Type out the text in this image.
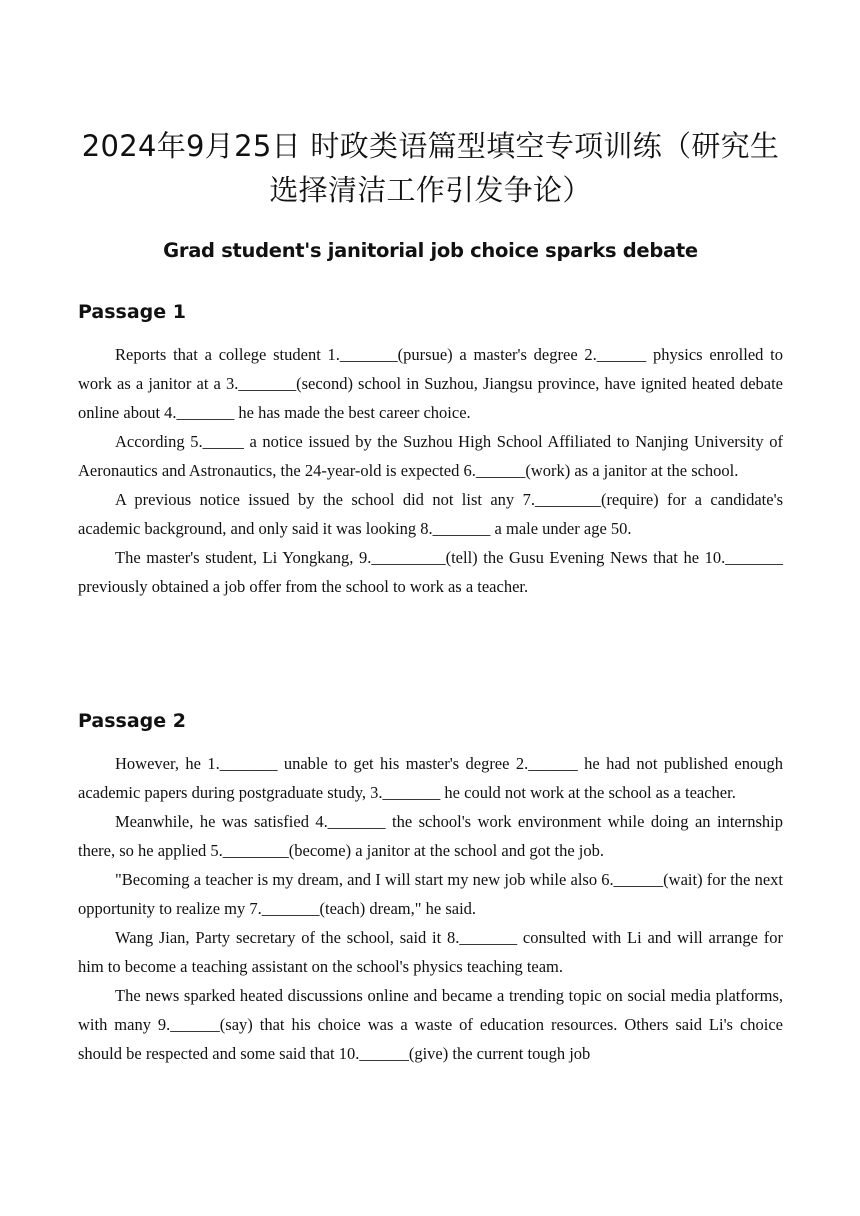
2024年9月25日 时政类语篇型填空专项训练（研究生选择清洁工作引发争论）
Grad student's janitorial job choice sparks debate
Passage 1

Reports that a college student 1._______(pursue) a master's degree 2.______ physics enrolled to work as a janitor at a 3._______(second) school in Suzhou, Jiangsu province, have ignited heated debate online about 4._______ he has made the best career choice.

According 5._____ a notice issued by the Suzhou High School Affiliated to Nanjing University of Aeronautics and Astronautics, the 24-year-old is expected 6.______(work) as a janitor at the school.

A previous notice issued by the school did not list any 7.________(require) for a candidate's academic background, and only said it was looking 8._______ a male under age 50.

The master's student, Li Yongkang, 9._________(tell) the Gusu Evening News that he 10._______ previously obtained a job offer from the school to work as a teacher.

Passage 2

However, he 1._______ unable to get his master's degree 2.______ he had not published enough academic papers during postgraduate study, 3._______ he could not work at the school as a teacher.

Meanwhile, he was satisfied 4._______ the school's work environment while doing an internship there, so he applied 5.________(become) a janitor at the school and got the job.

"Becoming a teacher is my dream, and I will start my new job while also 6.______(wait) for the next opportunity to realize my 7._______(teach) dream," he said.

Wang Jian, Party secretary of the school, said it 8._______ consulted with Li and will arrange for him to become a teaching assistant on the school's physics teaching team.

The news sparked heated discussions online and became a trending topic on social media platforms, with many 9.______(say) that his choice was a waste of education resources. Others said Li's choice should be respected and some said that 10.______(give) the current tough job
